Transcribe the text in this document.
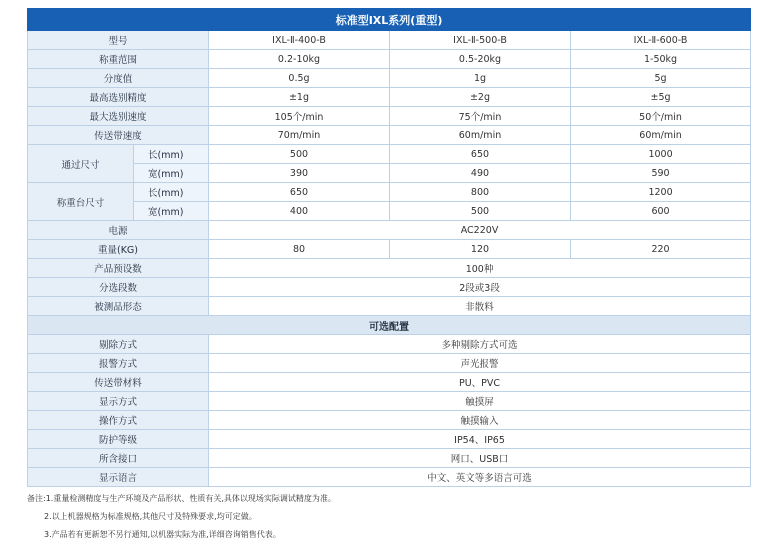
标准型IXL系列(重型)				
型号		IXL-Ⅱ-400-B	IXL-Ⅱ-500-B	IXL-Ⅱ-600-B
称重范围		0.2-10kg	0.5-20kg	1-50kg
分度值		0.5g	1g	5g
最高选别精度		±1g	±2g	±5g
最大选别速度		105个/min	75个/min	50个/min
传送带速度		70m/min	60m/min	60m/min
通过尺寸	长(mm)	500	650	1000
	宽(mm)	390	490	590
称重台尺寸	长(mm)	650	800	1200
	宽(mm)	400	500	600
电源		AC220V		
重量(KG)		80	120	220
产品预设数		100种		
分选段数		2段或3段		
被测品形态		非散料		
可选配置				
剔除方式		多种剔除方式可选		
报警方式		声光报警		
传送带材料		PU、PVC		
显示方式		触摸屏		
操作方式		触摸输入		
防护等级		IP54、IP65		
所含接口		网口、USB口		
显示语言		中文、英文等多语言可选		
备注:1.重量检测精度与生产环境及产品形状、性质有关,具体以现场实际调试精度为准。
2.以上机器规格为标准规格,其他尺寸及特殊要求,均可定做。
3.产品若有更新恕不另行通知,以机器实际为准,详细咨询销售代表。
